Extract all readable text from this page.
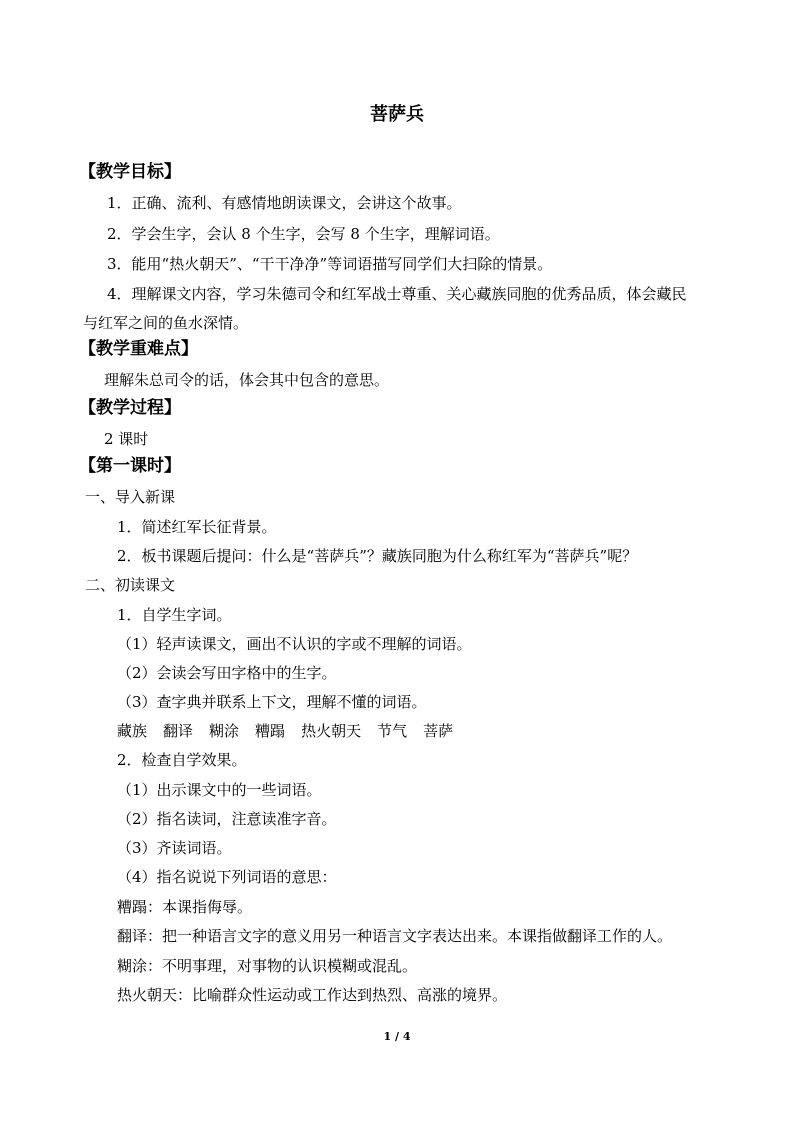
菩萨兵
【教学目标】
1．正确、流利、有感情地朗读课文，会讲这个故事。
2．学会生字，会认 8 个生字，会写 8 个生字，理解词语。
3．能用“热火朝天”、“干干净净”等词语描写同学们大扫除的情景。
4．理解课文内容，学习朱德司令和红军战士尊重、关心藏族同胞的优秀品质，体会藏民
与红军之间的鱼水深情。
【教学重难点】
理解朱总司令的话，体会其中包含的意思。
【教学过程】
2 课时
【第一课时】
一、导入新课
1．简述红军长征背景。
2．板书课题后提问：什么是“菩萨兵”？藏族同胞为什么称红军为“菩萨兵”呢？
二、初读课文
1．自学生字词。
（1）轻声读课文，画出不认识的字或不理解的词语。
（2）会读会写田字格中的生字。
（3）查字典并联系上下文，理解不懂的词语。
藏族 翻译 糊涂 糟蹋 热火朝天 节气 菩萨
2．检查自学效果。
（1）出示课文中的一些词语。
（2）指名读词，注意读准字音。
（3）齐读词语。
（4）指名说说下列词语的意思：
糟蹋：本课指侮辱。
翻译：把一种语言文字的意义用另一种语言文字表达出来。本课指做翻译工作的人。
糊涂：不明事理，对事物的认识模糊或混乱。
热火朝天：比喻群众性运动或工作达到热烈、高涨的境界。
1 / 4
